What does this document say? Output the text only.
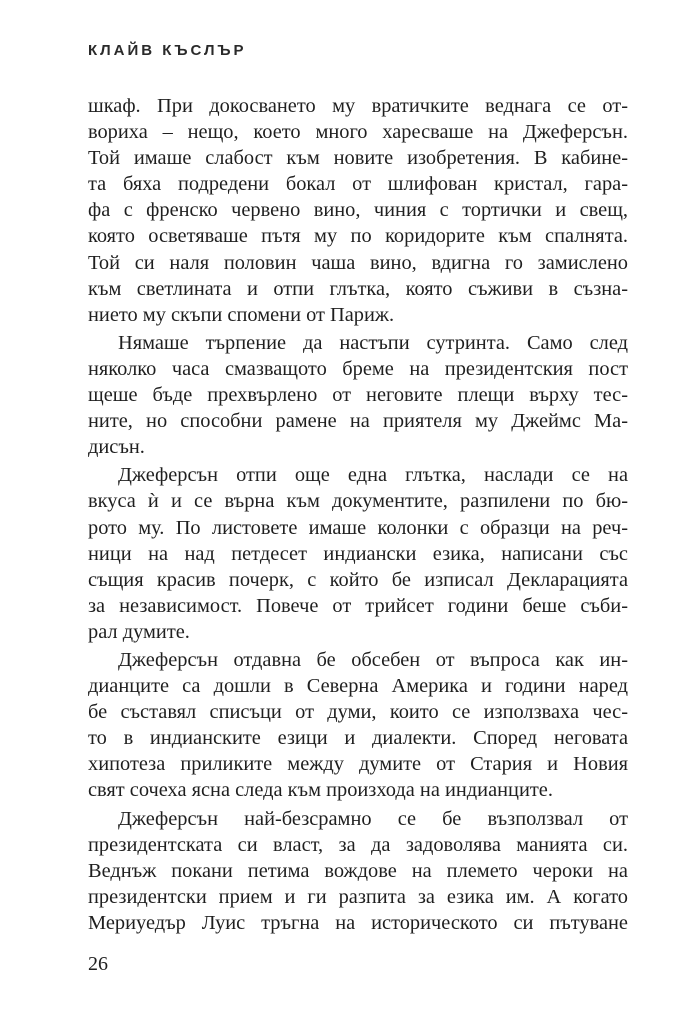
КЛАЙВ КЪСЛЪР
шкаф. При докосването му вратичките веднага се от-
вориха – нещо, което много харесваше на Джеферсън.
Той имаше слабост към новите изобретения. В кабине-
та бяха подредени бокал от шлифован кристал, гара-
фа с френско червено вино, чиния с тортички и свещ,
която осветяваше пътя му по коридорите към спалнята.
Той си наля половин чаша вино, вдигна го замислено
към светлината и отпи глътка, която съживи в съзна-
нието му скъпи спомени от Париж.
Нямаше търпение да настъпи сутринта. Само след
няколко часа смазващото бреме на президентския пост
щеше бъде прехвърлено от неговите плещи върху тес-
ните, но способни рамене на приятеля му Джеймс Ма-
дисън.
Джеферсън отпи още една глътка, наслади се на
вкуса ѝ и се върна към документите, разпилени по бю-
рото му. По листовете имаше колонки с образци на реч-
ници на над петдесет индиански езика, написани със
същия красив почерк, с който бе изписал Декларацията
за независимост. Повече от трийсет години беше съби-
рал думите.
Джеферсън отдавна бе обсебен от въпроса как ин-
дианците са дошли в Северна Америка и години наред
бе съставял списъци от думи, които се използваха чес-
то в индианските езици и диалекти. Според неговата
хипотеза приликите между думите от Стария и Новия
свят сочеха ясна следа към произхода на индианците.
Джеферсън най-безсрамно се бе възползвал от
президентската си власт, за да задоволява манията си.
Веднъж покани петима вождове на племето чероки на
президентски прием и ги разпита за езика им. А когато
Мериуедър Луис тръгна на историческото си пътуване
26
